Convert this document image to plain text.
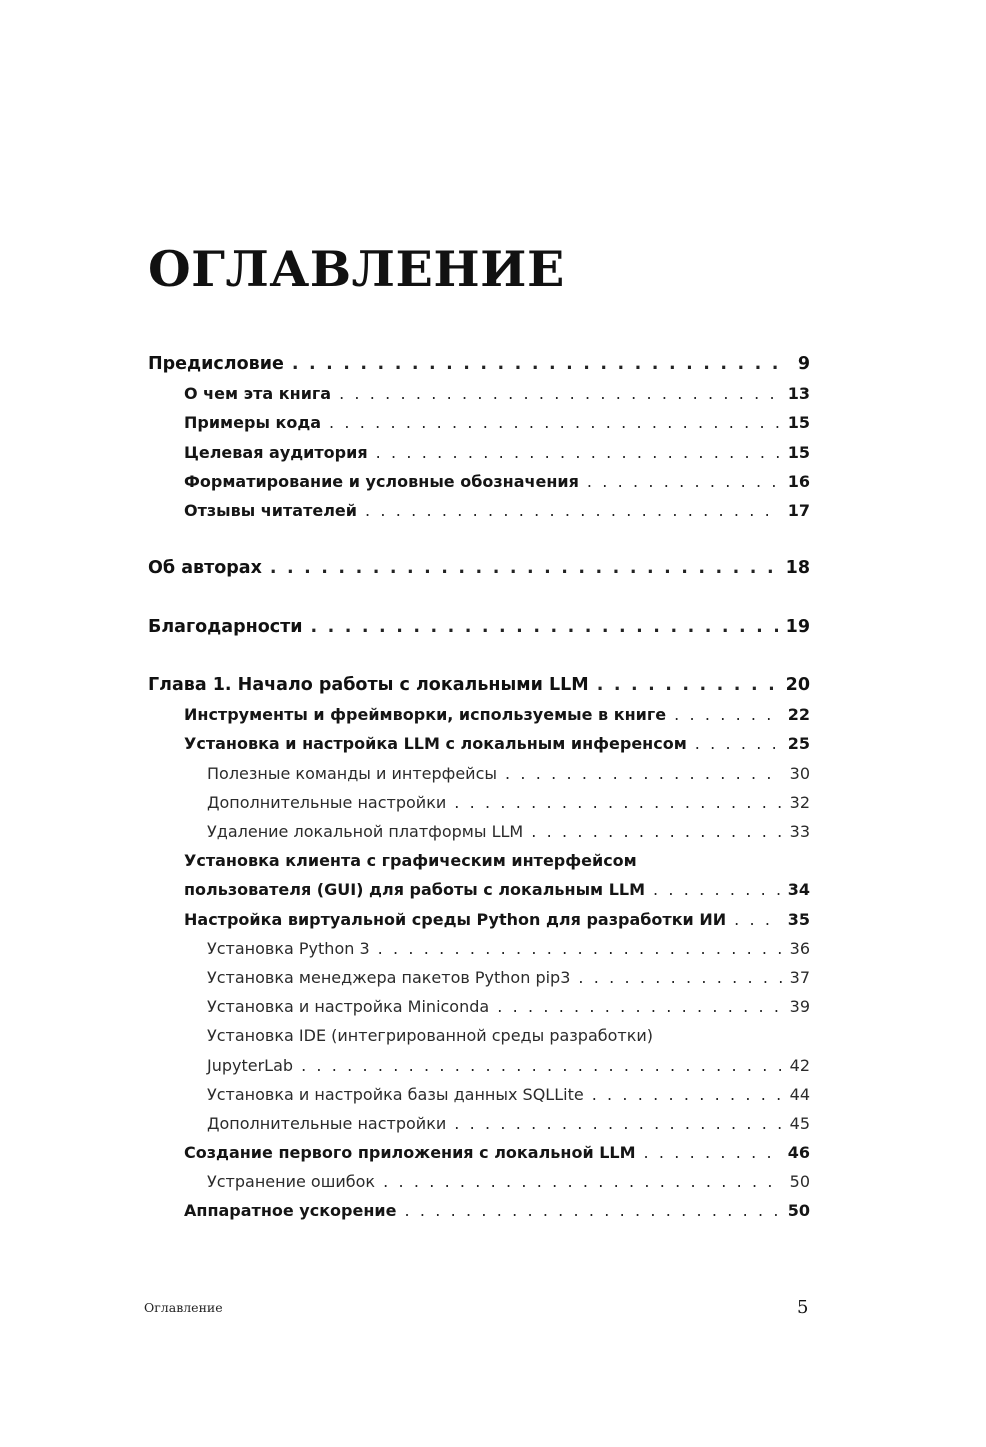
ОГЛАВЛЕНИЕ
Предисловие . . .	9
О чем эта книга . . .	13
Примеры кода . . .	15
Целевая аудитория . . .	15
Форматирование и условные обозначения . . .	16
Отзывы читателей . . .	17
Об авторах . . .	18
Благодарности . . .	19
Глава 1. Начало работы с локальными LLM . . .	20
Инструменты и фреймворки, используемые в книге . . .	22
Установка и настройка LLM с локальным инференсом . . .	25
Полезные команды и интерфейсы . . .	30
Дополнительные настройки . . .	32
Удаление локальной платформы LLM . . .	33
Установка клиента с графическим интерфейсом
пользователя (GUI) для работы с локальным LLM . . .	34
Настройка виртуальной среды Python для разработки ИИ . . .	35
Установка Python 3 . . .	36
Установка менеджера пакетов Python pip3 . . .	37
Установка и настройка Miniconda . . .	39
Установка IDE (интегрированной среды разработки)
JupyterLab . . .	42
Установка и настройка базы данных SQLLite . . .	44
Дополнительные настройки . . .	45
Создание первого приложения с локальной LLM . . .	46
Устранение ошибок . . .	50
Аппаратное ускорение . . .	50
Оглавление	5
